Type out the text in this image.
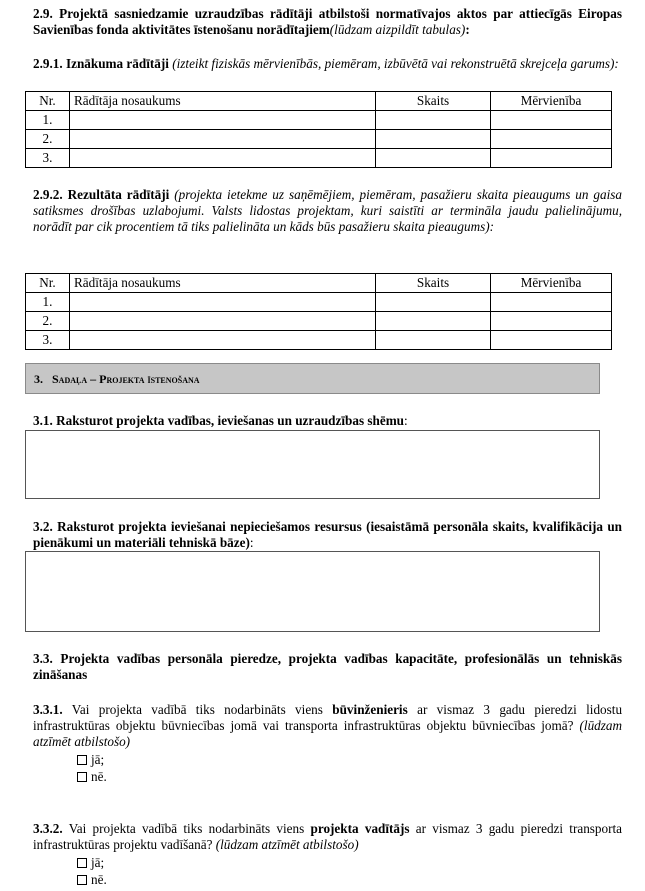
2.9. Projektā sasniedzamie uzraudzības rādītāji atbilstoši normatīvajos aktos par attiecīgās Eiropas Savienības fonda aktivitātes īstenošanu norādītajiem(lūdzam aizpildīt tabulas):
2.9.1. Iznākuma rādītāji (izteikt fiziskās mērvienībās, piemēram, izbūvētā vai rekonstruētā skrejceļa garums):
Nr.	Rādītāja nosaukums	Skaits	Mērvienība
1.			
2.			
3.			
2.9.2. Rezultāta rādītāji (projekta ietekme uz saņēmējiem, piemēram, pasažieru skaita pieaugums un gaisa satiksmes drošības uzlabojumi. Valsts lidostas projektam, kuri saistīti ar termināla jaudu palielinājumu, norādīt par cik procentiem tā tiks palielināta un kāds būs pasažieru skaita pieaugums):
Nr.	Rādītāja nosaukums	Skaits	Mērvienība
1.			
2.			
3.			
3.
Sadaļa – Projekta īstenošana
3.1. Raksturot projekta vadības, ieviešanas un uzraudzības shēmu:
3.2. Raksturot projekta ieviešanai nepieciešamos resursus (iesaistāmā personāla skaits, kvalifikācija un pienākumi un materiāli tehniskā bāze):
3.3. Projekta vadības personāla pieredze, projekta vadības kapacitāte, profesionālās un tehniskās zināšanas
3.3.1. Vai projekta vadībā tiks nodarbināts viens būvinženieris ar vismaz 3 gadu pieredzi lidostu infrastruktūras objektu būvniecības jomā vai transporta infrastruktūras objektu būvniecības jomā? (lūdzam atzīmēt atbilstošo)
jā;
nē.
3.3.2. Vai projekta vadībā tiks nodarbināts viens projekta vadītājs ar vismaz 3 gadu pieredzi transporta infrastruktūras projektu vadīšanā? (lūdzam atzīmēt atbilstošo)
jā;
nē.
